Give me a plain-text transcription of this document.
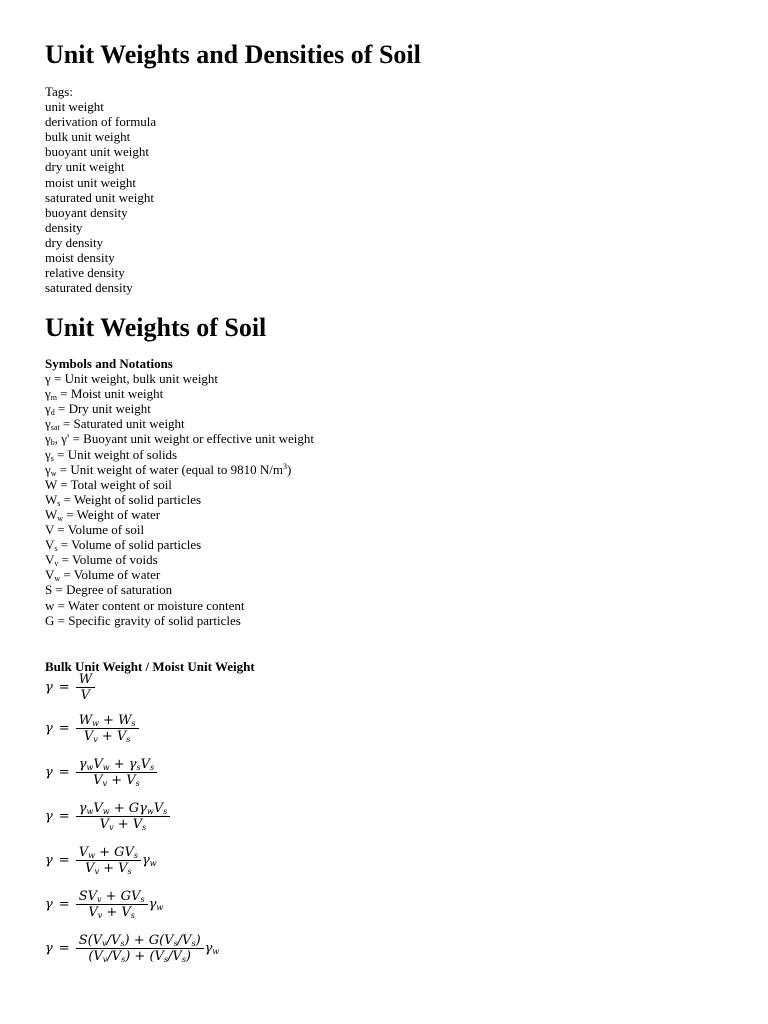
Unit Weights and Densities of Soil
Tags:
unit weight
derivation of formula
bulk unit weight
buoyant unit weight
dry unit weight
moist unit weight
saturated unit weight
buoyant density
density
dry density
moist density
relative density
saturated density
Unit Weights of Soil
Symbols and Notations
γ = Unit weight, bulk unit weight
$\gamma_m$ = Moist unit weight
$\gamma_d$ = Dry unit weight
$\gamma_{sat}$ = Saturated unit weight
$\gamma_b$, γ' = Buoyant unit weight or effective unit weight
$\gamma_s$ = Unit weight of solids
$\gamma_w$ = Unit weight of water (equal to 9810 $N/m^3$)
W = Total weight of soil
$W_s$ = Weight of solid particles
$W_w$ = Weight of water
V = Volume of soil
$V_s$ = Volume of solid particles
$V_v$ = Volume of voids
$V_w$ = Volume of water
S = Degree of saturation
w = Water content or moisture content
G = Specific gravity of solid particles
Bulk Unit Weight / Moist Unit Weight
$\gamma = \frac{W}{V}$
$\gamma = \frac{W_w + W_s}{V_v + V_s}$
$\gamma = \frac{\gamma_wV_w + \gamma_sV_s}{V_v + V_s}$
$\gamma = \frac{\gamma_wV_w + G\gamma_wV_s}{V_v + V_s}$
$\gamma = \frac{V_w + GV_s}{V_v + V_s} \gamma_w$
$\gamma = \frac{SV_v + GV_s}{V_v + V_s} \gamma_w$
$\gamma = \frac{S(V_v/V_s) + G(V_s/V_s)}{(V_v/V_s) + (V_s/V_s)} \gamma_w$
